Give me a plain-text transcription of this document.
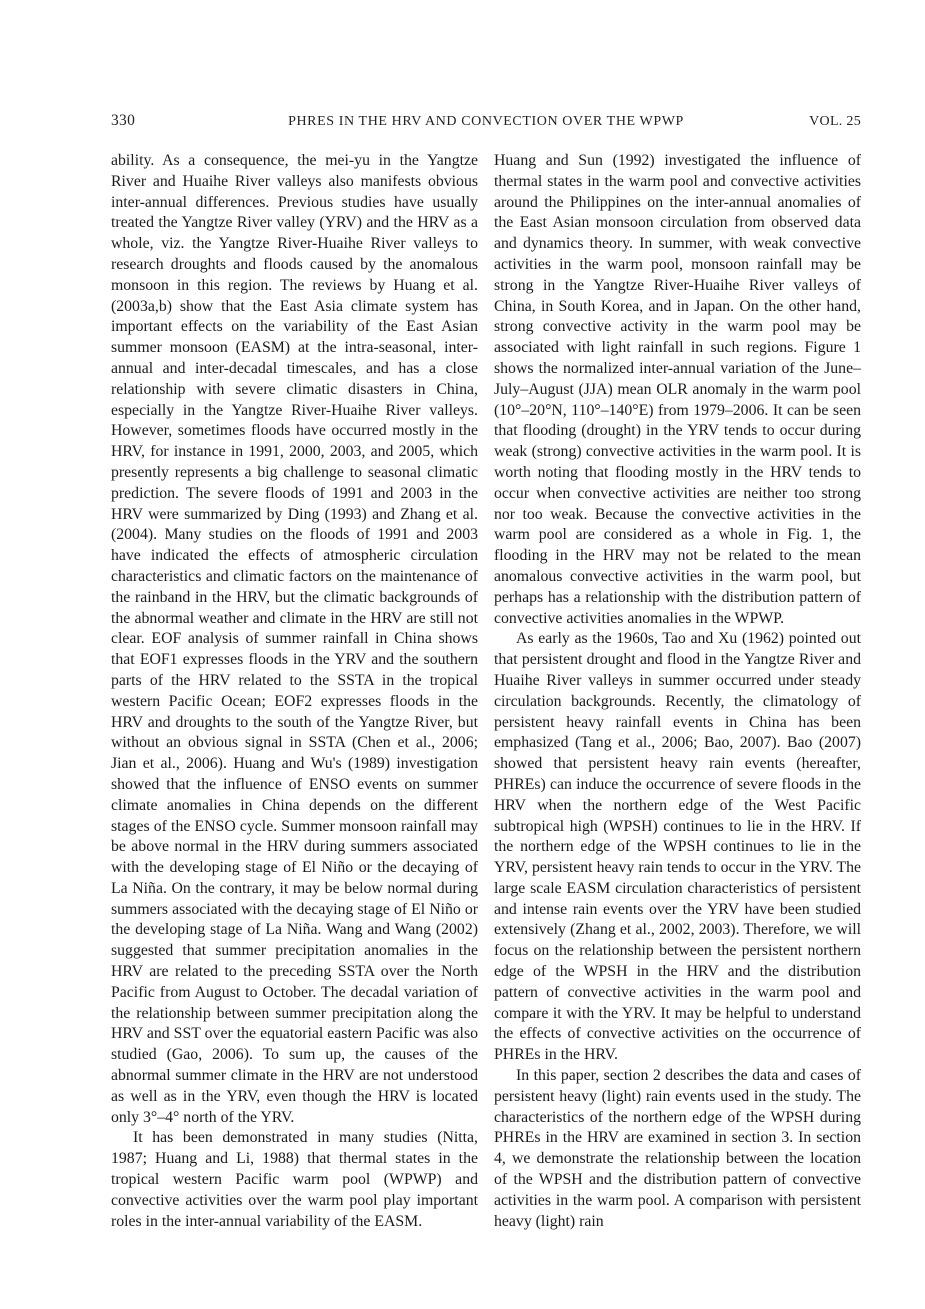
330	PHRES IN THE HRV AND CONVECTION OVER THE WPWP	VOL. 25

ability. As a consequence, the mei-yu in the Yangtze River and Huaihe River valleys also manifests obvious inter-annual differences. Previous studies have usually treated the Yangtze River valley (YRV) and the HRV as a whole, viz. the Yangtze River-Huaihe River valleys to research droughts and floods caused by the anomalous monsoon in this region. The reviews by Huang et al. (2003a,b) show that the East Asia climate system has important effects on the variability of the East Asian summer monsoon (EASM) at the intra-seasonal, inter-annual and inter-decadal timescales, and has a close relationship with severe climatic disasters in China, especially in the Yangtze River-Huaihe River valleys. However, sometimes floods have occurred mostly in the HRV, for instance in 1991, 2000, 2003, and 2005, which presently represents a big challenge to seasonal climatic prediction. The severe floods of 1991 and 2003 in the HRV were summarized by Ding (1993) and Zhang et al. (2004). Many studies on the floods of 1991 and 2003 have indicated the effects of atmospheric circulation characteristics and climatic factors on the maintenance of the rainband in the HRV, but the climatic backgrounds of the abnormal weather and climate in the HRV are still not clear. EOF analysis of summer rainfall in China shows that EOF1 expresses floods in the YRV and the southern parts of the HRV related to the SSTA in the tropical western Pacific Ocean; EOF2 expresses floods in the HRV and droughts to the south of the Yangtze River, but without an obvious signal in SSTA (Chen et al., 2006; Jian et al., 2006). Huang and Wu's (1989) investigation showed that the influence of ENSO events on summer climate anomalies in China depends on the different stages of the ENSO cycle. Summer monsoon rainfall may be above normal in the HRV during summers associated with the developing stage of El Niño or the decaying of La Niña. On the contrary, it may be below normal during summers associated with the decaying stage of El Niño or the developing stage of La Niña. Wang and Wang (2002) suggested that summer precipitation anomalies in the HRV are related to the preceding SSTA over the North Pacific from August to October. The decadal variation of the relationship between summer precipitation along the HRV and SST over the equatorial eastern Pacific was also studied (Gao, 2006). To sum up, the causes of the abnormal summer climate in the HRV are not understood as well as in the YRV, even though the HRV is located only 3°–4° north of the YRV.

It has been demonstrated in many studies (Nitta, 1987; Huang and Li, 1988) that thermal states in the tropical western Pacific warm pool (WPWP) and convective activities over the warm pool play important roles in the inter-annual variability of the EASM.

Huang and Sun (1992) investigated the influence of thermal states in the warm pool and convective activities around the Philippines on the inter-annual anomalies of the East Asian monsoon circulation from observed data and dynamics theory. In summer, with weak convective activities in the warm pool, monsoon rainfall may be strong in the Yangtze River-Huaihe River valleys of China, in South Korea, and in Japan. On the other hand, strong convective activity in the warm pool may be associated with light rainfall in such regions. Figure 1 shows the normalized inter-annual variation of the June–July–August (JJA) mean OLR anomaly in the warm pool (10°–20°N, 110°–140°E) from 1979–2006. It can be seen that flooding (drought) in the YRV tends to occur during weak (strong) convective activities in the warm pool. It is worth noting that flooding mostly in the HRV tends to occur when convective activities are neither too strong nor too weak. Because the convective activities in the warm pool are considered as a whole in Fig. 1, the flooding in the HRV may not be related to the mean anomalous convective activities in the warm pool, but perhaps has a relationship with the distribution pattern of convective activities anomalies in the WPWP.

As early as the 1960s, Tao and Xu (1962) pointed out that persistent drought and flood in the Yangtze River and Huaihe River valleys in summer occurred under steady circulation backgrounds. Recently, the climatology of persistent heavy rainfall events in China has been emphasized (Tang et al., 2006; Bao, 2007). Bao (2007) showed that persistent heavy rain events (hereafter, PHREs) can induce the occurrence of severe floods in the HRV when the northern edge of the West Pacific subtropical high (WPSH) continues to lie in the HRV. If the northern edge of the WPSH continues to lie in the YRV, persistent heavy rain tends to occur in the YRV. The large scale EASM circulation characteristics of persistent and intense rain events over the YRV have been studied extensively (Zhang et al., 2002, 2003). Therefore, we will focus on the relationship between the persistent northern edge of the WPSH in the HRV and the distribution pattern of convective activities in the warm pool and compare it with the YRV. It may be helpful to understand the effects of convective activities on the occurrence of PHREs in the HRV.

In this paper, section 2 describes the data and cases of persistent heavy (light) rain events used in the study. The characteristics of the northern edge of the WPSH during PHREs in the HRV are examined in section 3. In section 4, we demonstrate the relationship between the location of the WPSH and the distribution pattern of convective activities in the warm pool. A comparison with persistent heavy (light) rain
